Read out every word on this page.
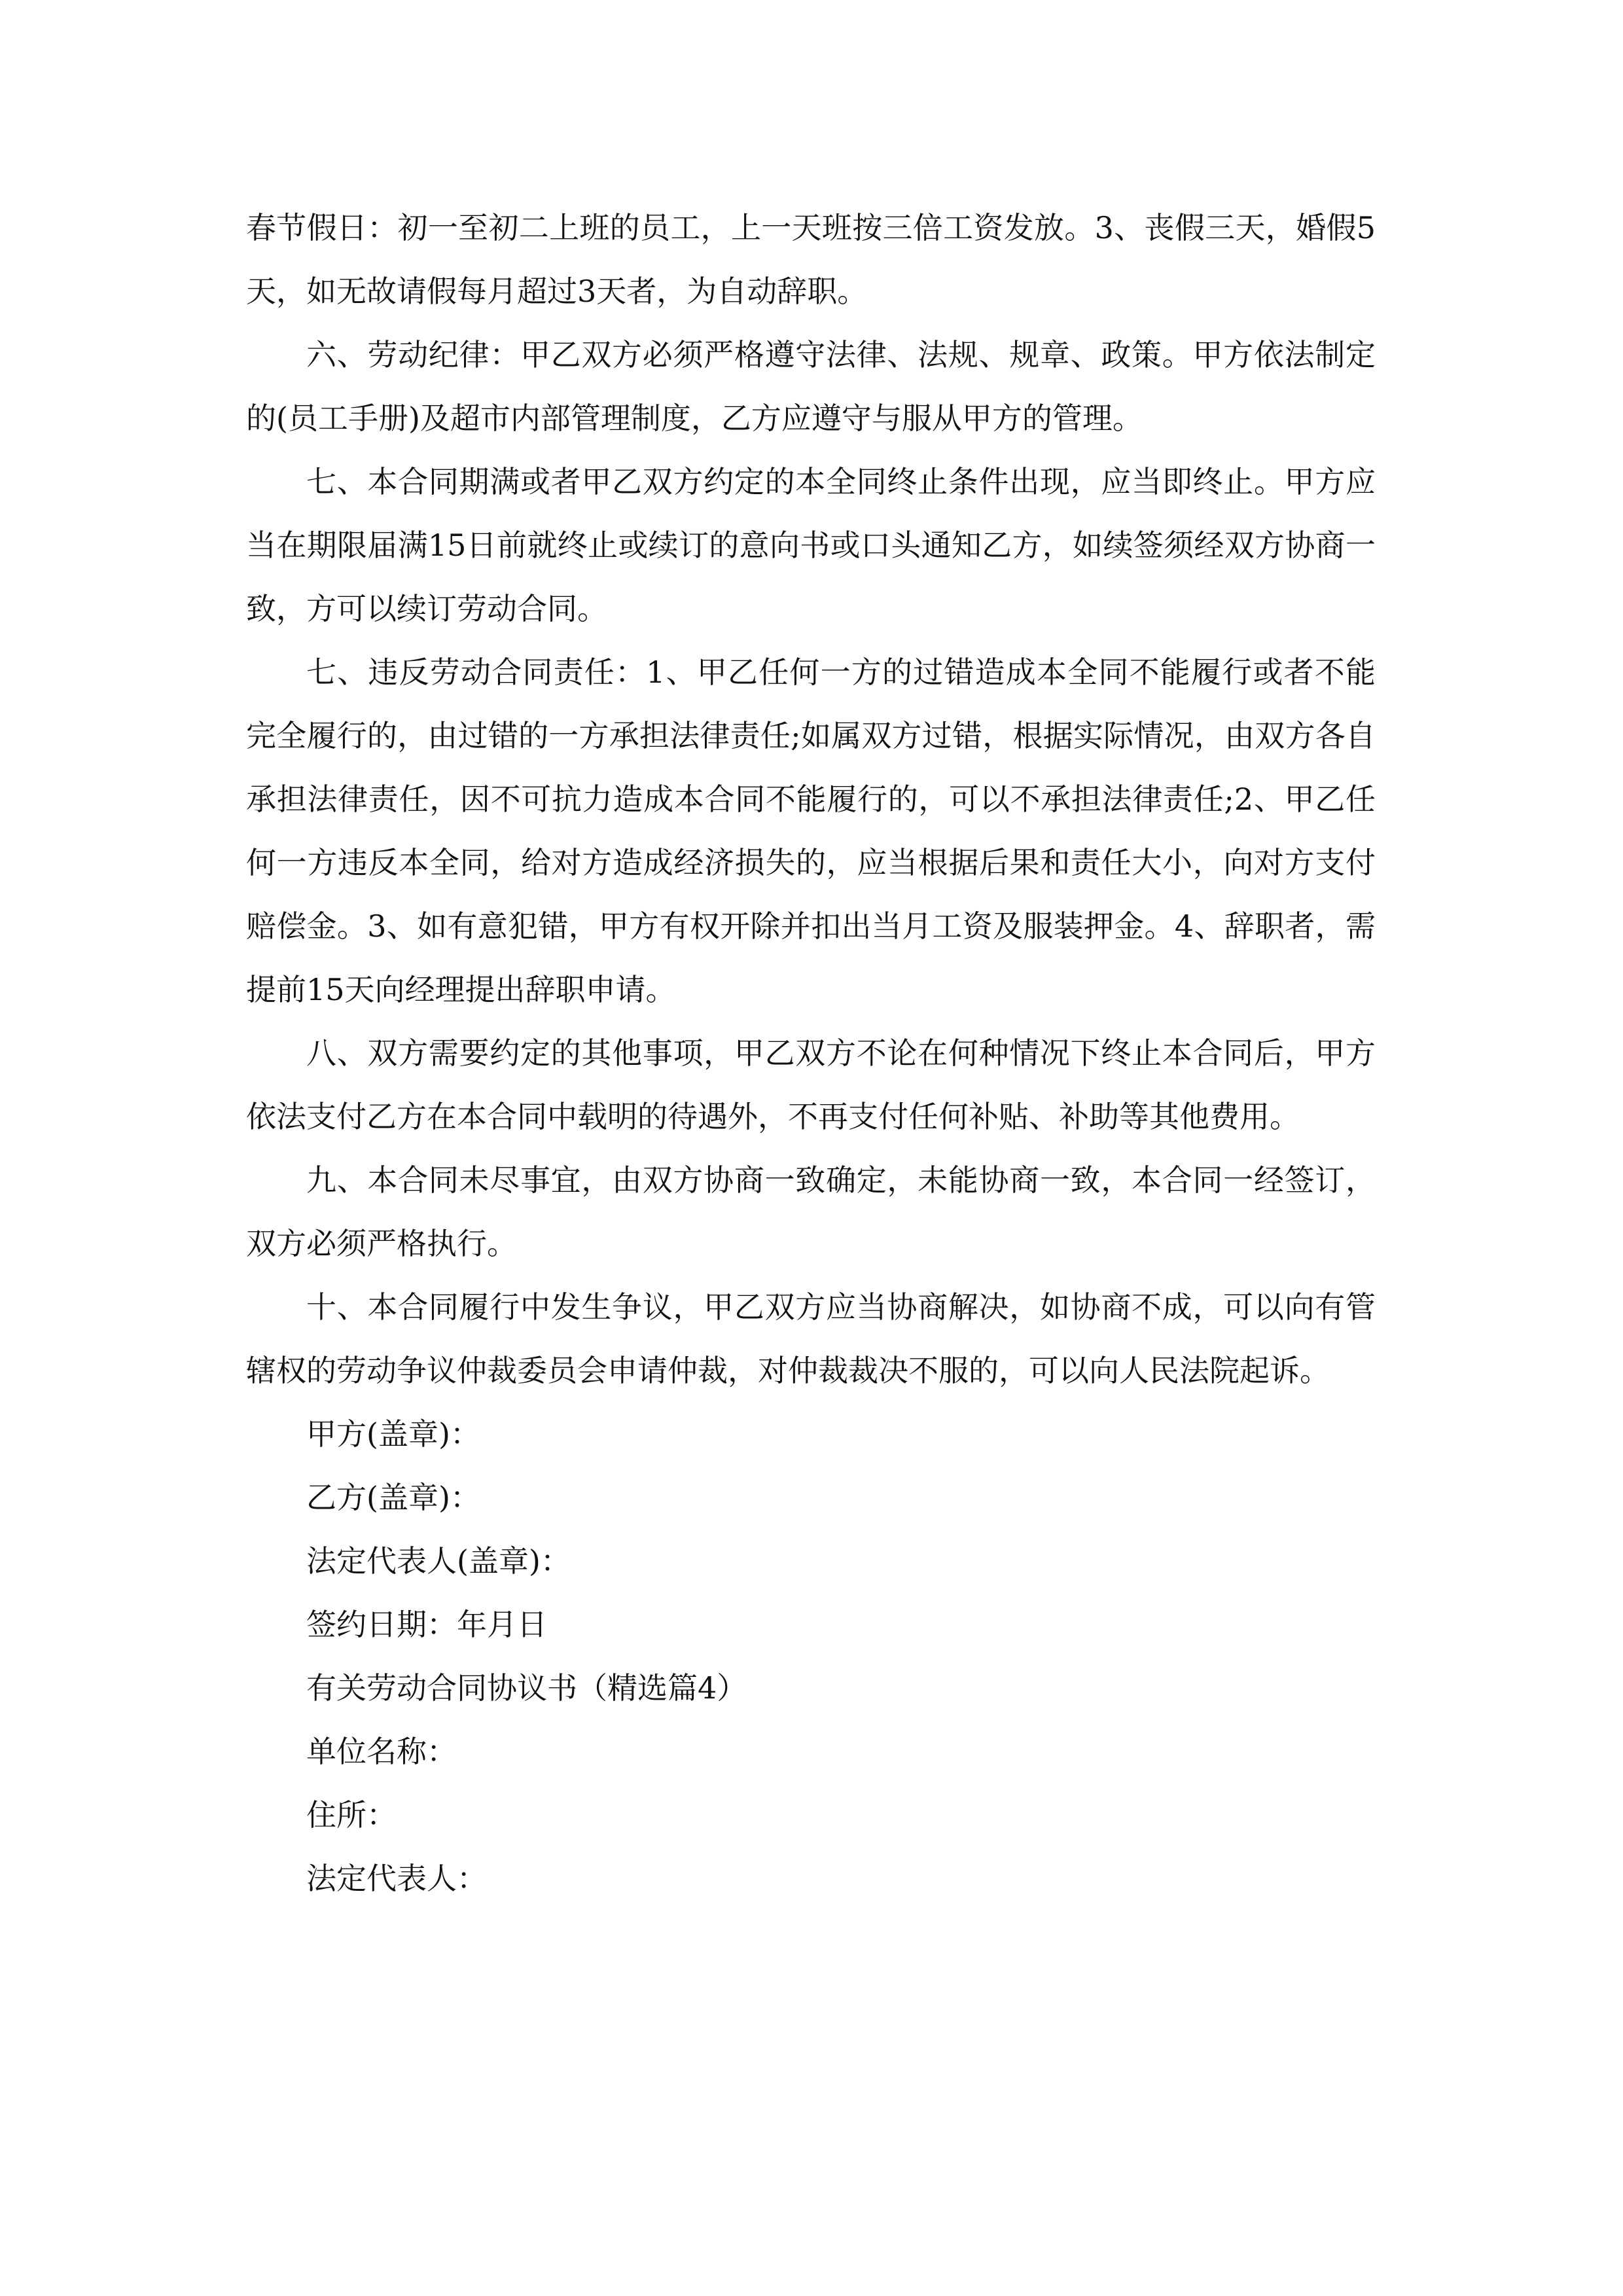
春节假日：初一至初二上班的员工，上一天班按三倍工资发放。3、丧假三天，婚假5天，如无故请假每月超过3天者，为自动辞职。

六、劳动纪律：甲乙双方必须严格遵守法律、法规、规章、政策。甲方依法制定的(员工手册)及超市内部管理制度，乙方应遵守与服从甲方的管理。

七、本合同期满或者甲乙双方约定的本全同终止条件出现，应当即终止。甲方应当在期限届满15日前就终止或续订的意向书或口头通知乙方，如续签须经双方协商一致，方可以续订劳动合同。

七、违反劳动合同责任：1、甲乙任何一方的过错造成本全同不能履行或者不能完全履行的，由过错的一方承担法律责任;如属双方过错，根据实际情况，由双方各自承担法律责任，因不可抗力造成本合同不能履行的，可以不承担法律责任;2、甲乙任何一方违反本全同，给对方造成经济损失的，应当根据后果和责任大小，向对方支付赔偿金。3、如有意犯错，甲方有权开除并扣出当月工资及服装押金。4、辞职者，需提前15天向经理提出辞职申请。

八、双方需要约定的其他事项，甲乙双方不论在何种情况下终止本合同后，甲方依法支付乙方在本合同中载明的待遇外，不再支付任何补贴、补助等其他费用。

九、本合同未尽事宜，由双方协商一致确定，未能协商一致，本合同一经签订，双方必须严格执行。

十、本合同履行中发生争议，甲乙双方应当协商解决，如协商不成，可以向有管辖权的劳动争议仲裁委员会申请仲裁，对仲裁裁决不服的，可以向人民法院起诉。

甲方(盖章)：

乙方(盖章)：

法定代表人(盖章)：

签约日期：年月日

有关劳动合同协议书（精选篇4）

单位名称：

住所：

法定代表人：
